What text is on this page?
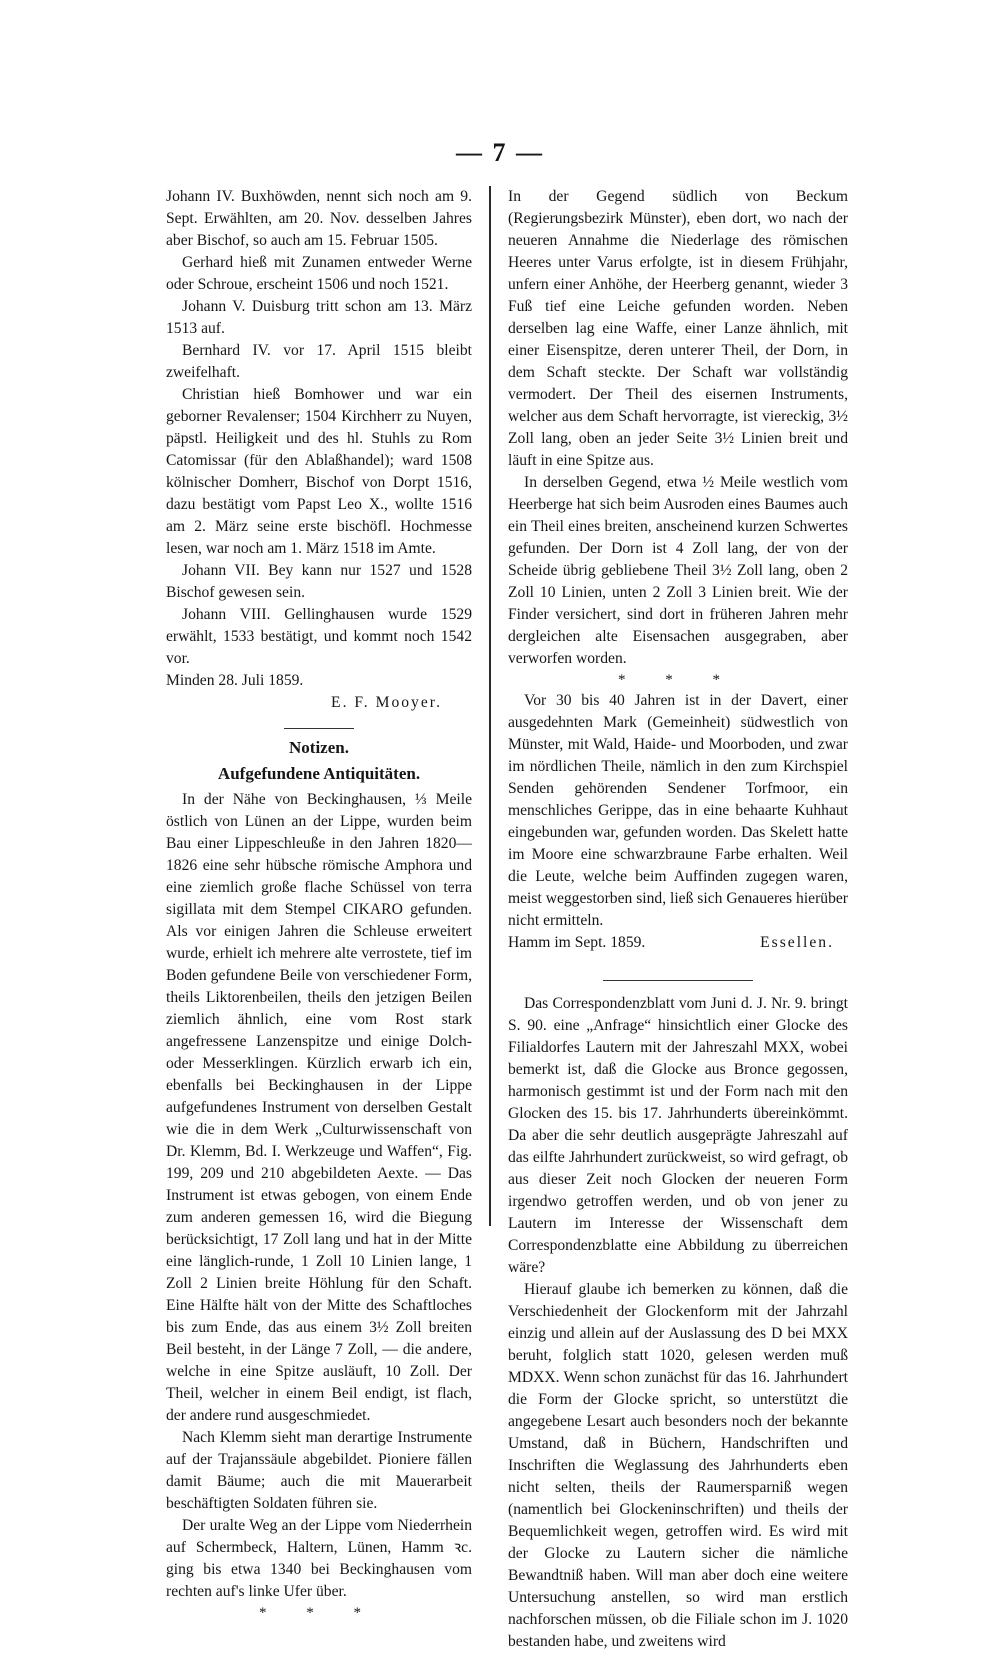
— 7 —

Johann IV. Buxhöwden, nennt sich noch am 9. Sept. Erwählten, am 20. Nov. desselben Jahres aber Bischof, so auch am 15. Februar 1505.

Gerhard hieß mit Zunamen entweder Werne oder Schroue, erscheint 1506 und noch 1521.

Johann V. Duisburg tritt schon am 13. März 1513 auf.

Bernhard IV. vor 17. April 1515 bleibt zweifelhaft.

Christian hieß Bomhower und war ein geborner Revalenser; 1504 Kirchherr zu Nuyen, päpstl. Heiligkeit und des hl. Stuhls zu Rom Catomissar (für den Ablaßhandel); ward 1508 kölnischer Domherr, Bischof von Dorpt 1516, dazu bestätigt vom Papst Leo X., wollte 1516 am 2. März seine erste bischöfl. Hochmesse lesen, war noch am 1. März 1518 im Amte.

Johann VII. Bey kann nur 1527 und 1528 Bischof gewesen sein.

Johann VIII. Gellinghausen wurde 1529 erwählt, 1533 bestätigt, und kommt noch 1542 vor.

Minden 28. Juli 1859.

E. F. Mooyer.

Notizen.
Aufgefundene Antiquitäten.

In der Nähe von Beckinghausen, ⅓ Meile östlich von Lünen an der Lippe, wurden beim Bau einer Lippeschleuße in den Jahren 1820—1826 eine sehr hübsche römische Amphora und eine ziemlich große flache Schüssel von terra sigillata mit dem Stempel CIKARO gefunden. Als vor einigen Jahren die Schleuse erweitert wurde, erhielt ich mehrere alte verrostete, tief im Boden gefundene Beile von verschiedener Form, theils Liktorenbeilen, theils den jetzigen Beilen ziemlich ähnlich, eine vom Rost stark angefressene Lanzenspitze und einige Dolch- oder Messerklingen. Kürzlich erwarb ich ein, ebenfalls bei Beckinghausen in der Lippe aufgefundenes Instrument von derselben Gestalt wie die in dem Werk „Culturwissenschaft von Dr. Klemm, Bd. I. Werkzeuge und Waffen“, Fig. 199, 209 und 210 abgebildeten Aexte. — Das Instrument ist etwas gebogen, von einem Ende zum anderen gemessen 16, wird die Biegung berücksichtigt, 17 Zoll lang und hat in der Mitte eine länglich-runde, 1 Zoll 10 Linien lange, 1 Zoll 2 Linien breite Höhlung für den Schaft. Eine Hälfte hält von der Mitte des Schaftloches bis zum Ende, das aus einem 3½ Zoll breiten Beil besteht, in der Länge 7 Zoll, — die andere, welche in eine Spitze ausläuft, 10 Zoll. Der Theil, welcher in einem Beil endigt, ist flach, der andere rund ausgeschmiedet.

Nach Klemm sieht man derartige Instrumente auf der Trajanssäule abgebildet. Pioniere fällen damit Bäume; auch die mit Mauerarbeit beschäftigten Soldaten führen sie.

Der uralte Weg an der Lippe vom Niederrhein auf Schermbeck, Haltern, Lünen, Hamm ꝛc. ging bis etwa 1340 bei Beckinghausen vom rechten auf's linke Ufer über.

* * *

In der Gegend südlich von Beckum (Regierungsbezirk Münster), eben dort, wo nach der neueren Annahme die Niederlage des römischen Heeres unter Varus erfolgte, ist in diesem Frühjahr, unfern einer Anhöhe, der Heerberg genannt, wieder 3 Fuß tief eine Leiche gefunden worden. Neben derselben lag eine Waffe, einer Lanze ähnlich, mit einer Eisenspitze, deren unterer Theil, der Dorn, in dem Schaft steckte. Der Schaft war vollständig vermodert. Der Theil des eisernen Instruments, welcher aus dem Schaft hervorragte, ist viereckig, 3½ Zoll lang, oben an jeder Seite 3½ Linien breit und läuft in eine Spitze aus.

In derselben Gegend, etwa ½ Meile westlich vom Heerberge hat sich beim Ausroden eines Baumes auch ein Theil eines breiten, anscheinend kurzen Schwertes gefunden. Der Dorn ist 4 Zoll lang, der von der Scheide übrig gebliebene Theil 3½ Zoll lang, oben 2 Zoll 10 Linien, unten 2 Zoll 3 Linien breit. Wie der Finder versichert, sind dort in früheren Jahren mehr dergleichen alte Eisensachen ausgegraben, aber verworfen worden.

* * *

Vor 30 bis 40 Jahren ist in der Davert, einer ausgedehnten Mark (Gemeinheit) südwestlich von Münster, mit Wald, Haide- und Moorboden, und zwar im nördlichen Theile, nämlich in den zum Kirchspiel Senden gehörenden Sendener Torfmoor, ein menschliches Gerippe, das in eine behaarte Kuhhaut eingebunden war, gefunden worden. Das Skelett hatte im Moore eine schwarzbraune Farbe erhalten. Weil die Leute, welche beim Auffinden zugegen waren, meist weggestorben sind, ließ sich Genaueres hierüber nicht ermitteln.

Hamm im Sept. 1859.	Essellen.

Das Correspondenzblatt vom Juni d. J. Nr. 9. bringt S. 90. eine „Anfrage“ hinsichtlich einer Glocke des Filialdorfes Lautern mit der Jahreszahl MXX, wobei bemerkt ist, daß die Glocke aus Bronce gegossen, harmonisch gestimmt ist und der Form nach mit den Glocken des 15. bis 17. Jahrhunderts übereinkömmt. Da aber die sehr deutlich ausgeprägte Jahreszahl auf das eilfte Jahrhundert zurückweist, so wird gefragt, ob aus dieser Zeit noch Glocken der neueren Form irgendwo getroffen werden, und ob von jener zu Lautern im Interesse der Wissenschaft dem Correspondenzblatte eine Abbildung zu überreichen wäre?

Hierauf glaube ich bemerken zu können, daß die Verschiedenheit der Glockenform mit der Jahrzahl einzig und allein auf der Auslassung des D bei MXX beruht, folglich statt 1020, gelesen werden muß MDXX. Wenn schon zunächst für das 16. Jahrhundert die Form der Glocke spricht, so unterstützt die angegebene Lesart auch besonders noch der bekannte Umstand, daß in Büchern, Handschriften und Inschriften die Weglassung des Jahrhunderts eben nicht selten, theils der Raumersparniß wegen (namentlich bei Glockeninschriften) und theils der Bequemlichkeit wegen, getroffen wird. Es wird mit der Glocke zu Lautern sicher die nämliche Bewandtniß haben. Will man aber doch eine weitere Untersuchung anstellen, so wird man erstlich nachforschen müssen, ob die Filiale schon im J. 1020 bestanden habe, und zweitens wird
